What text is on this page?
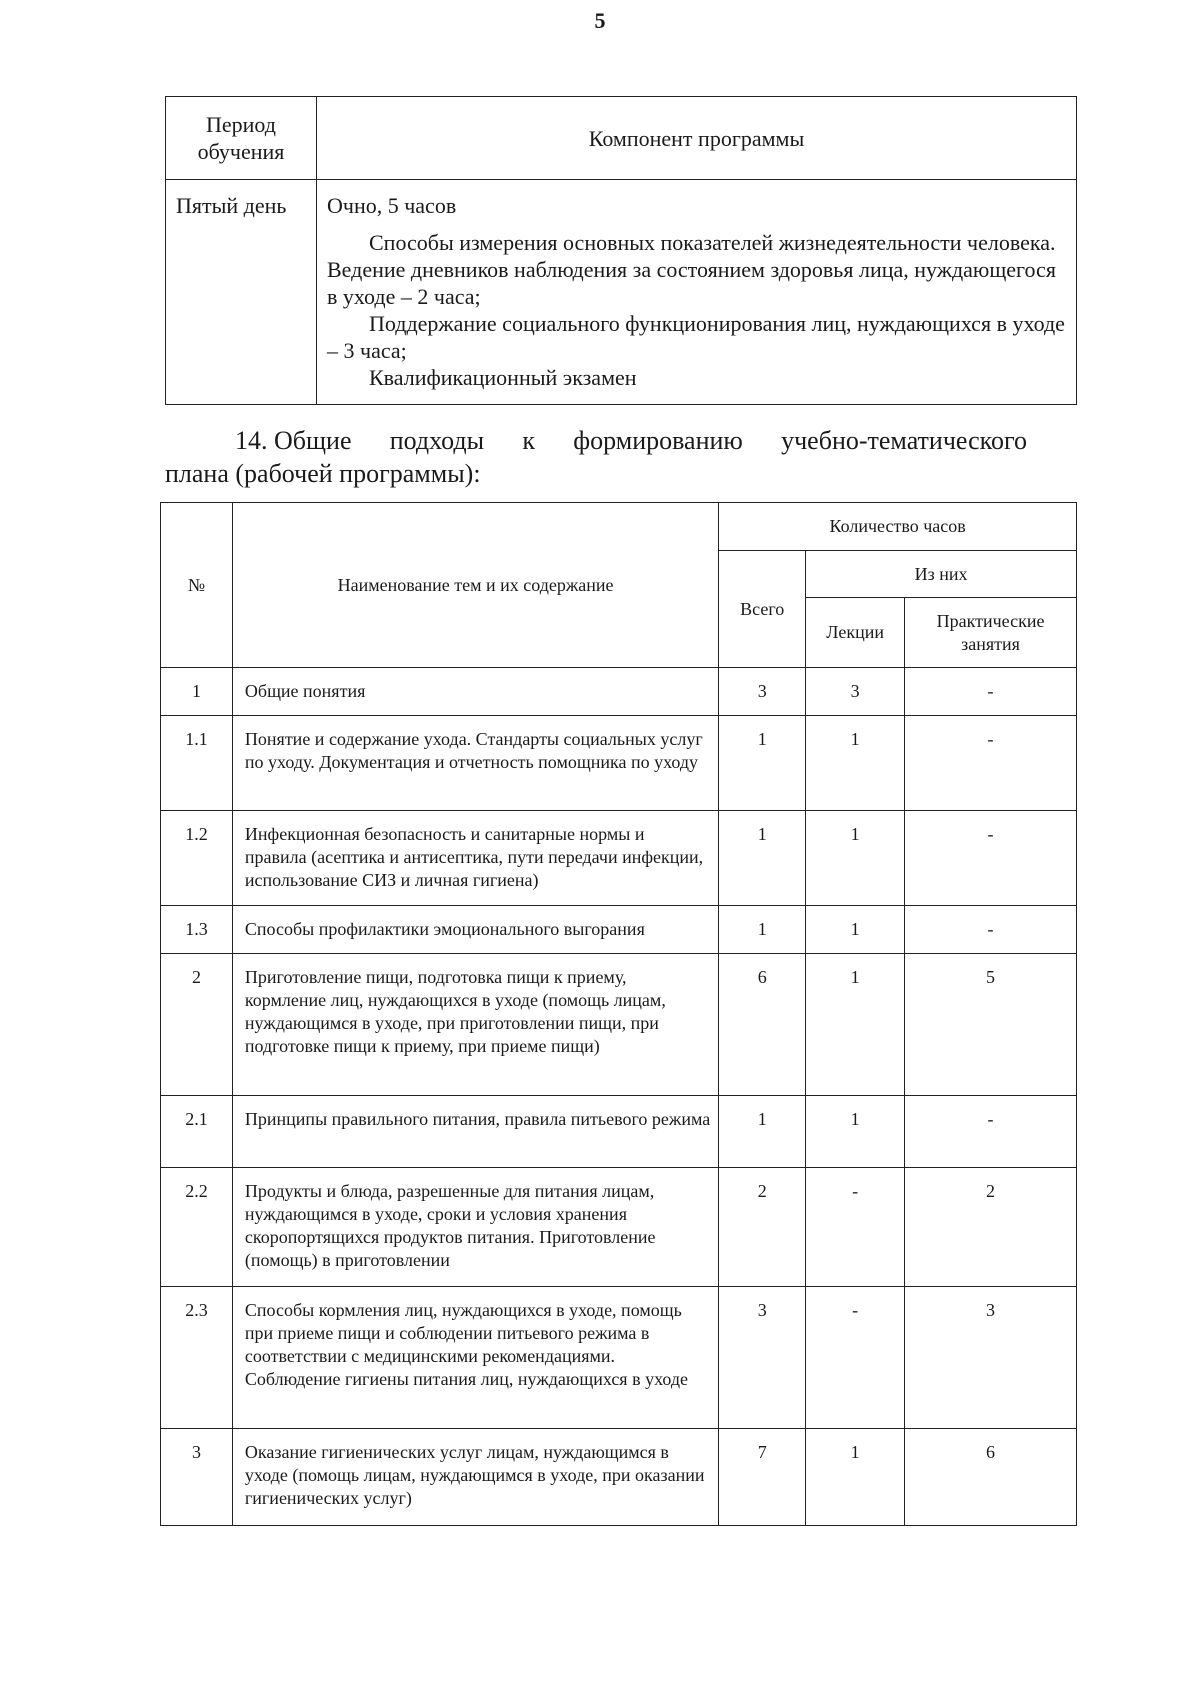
5
Период обучения	Компонент программы
Пятый день	Очно, 5 часов

Способы измерения основных показателей жизнедеятельности человека. Ведение дневников наблюдения за состоянием здоровья лица, нуждающегося в уходе – 2 часа;

Поддержание социального функционирования лиц, нуждающихся в уходе – 3 часа;

Квалификационный экзамен

14. Общие подходы к формированию учебно-тематического
плана (рабочей программы):
№	Наименование тем и их содержание	Количество часов		
		Всего	Из них	
			Лекции	Практические занятия
1	Общие понятия	3	3	-
1.1	Понятие и содержание ухода. Стандарты социальных услуг по уходу. Документация и отчетность помощника по уходу	1	1	-
1.2	Инфекционная безопасность и санитарные нормы и правила (асептика и антисептика, пути передачи инфекции, использование СИЗ и личная гигиена)	1	1	-
1.3	Способы профилактики эмоционального выгорания	1	1	-
2	Приготовление пищи, подготовка пищи к приему, кормление лиц, нуждающихся в уходе (помощь лицам, нуждающимся в уходе, при приготовлении пищи, при подготовке пищи к приему, при приеме пищи)	6	1	5
2.1	Принципы правильного питания, правила питьевого режима	1	1	-
2.2	Продукты и блюда, разрешенные для питания лицам, нуждающимся в уходе, сроки и условия хранения скоропортящихся продуктов питания. Приготовление (помощь) в приготовлении	2	-	2
2.3	Способы кормления лиц, нуждающихся в уходе, помощь при приеме пищи и соблюдении питьевого режима в соответствии с медицинскими рекомендациями. Соблюдение гигиены питания лиц, нуждающихся в уходе	3	-	3
3	Оказание гигиенических услуг лицам, нуждающимся в уходе (помощь лицам, нуждающимся в уходе, при оказании гигиенических услуг)	7	1	6
